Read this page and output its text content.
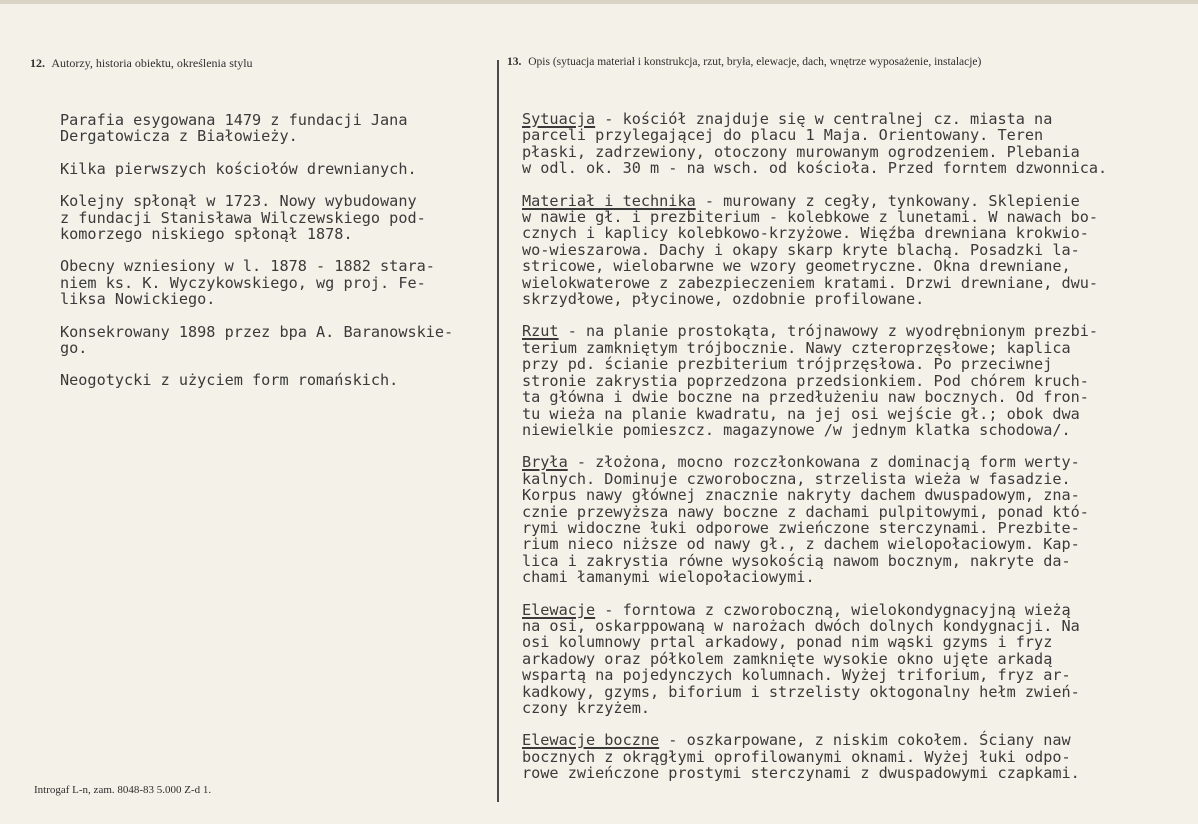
12. Autorzy, historia obiektu, określenia stylu	13. Opis (sytuacja materiał i konstrukcja, rzut, bryła, elewacje, dach, wnętrze wyposażenie, instalacje)

Parafia esygowana 1479 z fundacji Jana
Dergatowicza z Białowieży.

Kilka pierwszych kościołów drewnianych.

Kolejny spłonął w 1723. Nowy wybudowany
z fundacji Stanisława Wilczewskiego pod-
komorzego niskiego spłonął 1878.

Obecny wzniesiony w l. 1878 - 1882 stara-
niem ks. K. Wyczykowskiego, wg proj. Fe-
liksa Nowickiego.

Konsekrowany 1898 przez bpa A. Baranowskie-
go.

Neogotycki z użyciem form romańskich.

Sytuacja - kościół znajduje się w centralnej cz. miasta na
parceli przylegającej do placu 1 Maja. Orientowany. Teren
płaski, zadrzewiony, otoczony murowanym ogrodzeniem. Plebania
w odl. ok. 30 m - na wsch. od kościoła. Przed forntem dzwonnica.
Materiał i technika - murowany z cegły, tynkowany. Sklepienie
w nawie gł. i prezbiterium - kolebkowe z lunetami. W nawach bo-
cznych i kaplicy kolebkowo-krzyżowe. Więźba drewniana krokwio-
wo-wieszarowa. Dachy i okapy skarp kryte blachą. Posadzki la-
stricowe, wielobarwne we wzory geometryczne. Okna drewniane,
wielokwaterowe z zabezpieczeniem kratami. Drzwi drewniane, dwu-
skrzydłowe, płycinowe, ozdobnie profilowane.
Rzut - na planie prostokąta, trójnawowy z wyodrębnionym prezbi-
terium zamkniętym trójbocznie. Nawy czteroprzęsłowe; kaplica
przy pd. ścianie prezbiterium trójprzęsłowa. Po przeciwnej
stronie zakrystia poprzedzona przedsionkiem. Pod chórem kruch-
ta główna i dwie boczne na przedłużeniu naw bocznych. Od fron-
tu wieża na planie kwadratu, na jej osi wejście gł.; obok dwa
niewielkie pomieszcz. magazynowe /w jednym klatka schodowa/.
Bryła - złożona, mocno rozczłonkowana z dominacją form werty-
kalnych. Dominuje czworoboczna, strzelista wieża w fasadzie.
Korpus nawy głównej znacznie nakryty dachem dwuspadowym, zna-
cznie przewyższa nawy boczne z dachami pulpitowymi, ponad któ-
rymi widoczne łuki odporowe zwieńczone sterczynami. Prezbite-
rium nieco niższe od nawy gł., z dachem wielopołaciowym. Kap-
lica i zakrystia równe wysokością nawom bocznym, nakryte da-
chami łamanymi wielopołaciowymi.
Elewacje - forntowa z czworoboczną, wielokondygnacyjną wieżą
na osi, oskarppowaną w narożach dwóch dolnych kondygnacji. Na
osi kolumnowy prtal arkadowy, ponad nim wąski gzyms i fryz
arkadowy oraz półkolem zamknięte wysokie okno ujęte arkadą
wspartą na pojedynczych kolumnach. Wyżej triforium, fryz ar-
kadkowy, gzyms, biforium i strzelisty oktogonalny hełm zwień-
czony krzyżem.
Elewacje boczne - oszkarpowane, z niskim cokołem. Ściany naw
bocznych z okrągłymi oprofilowanymi oknami. Wyżej łuki odpo-
rowe zwieńczone prostymi sterczynami z dwuspadowymi czapkami.
Introgaf L-n, zam. 8048-83 5.000 Z-d 1.
